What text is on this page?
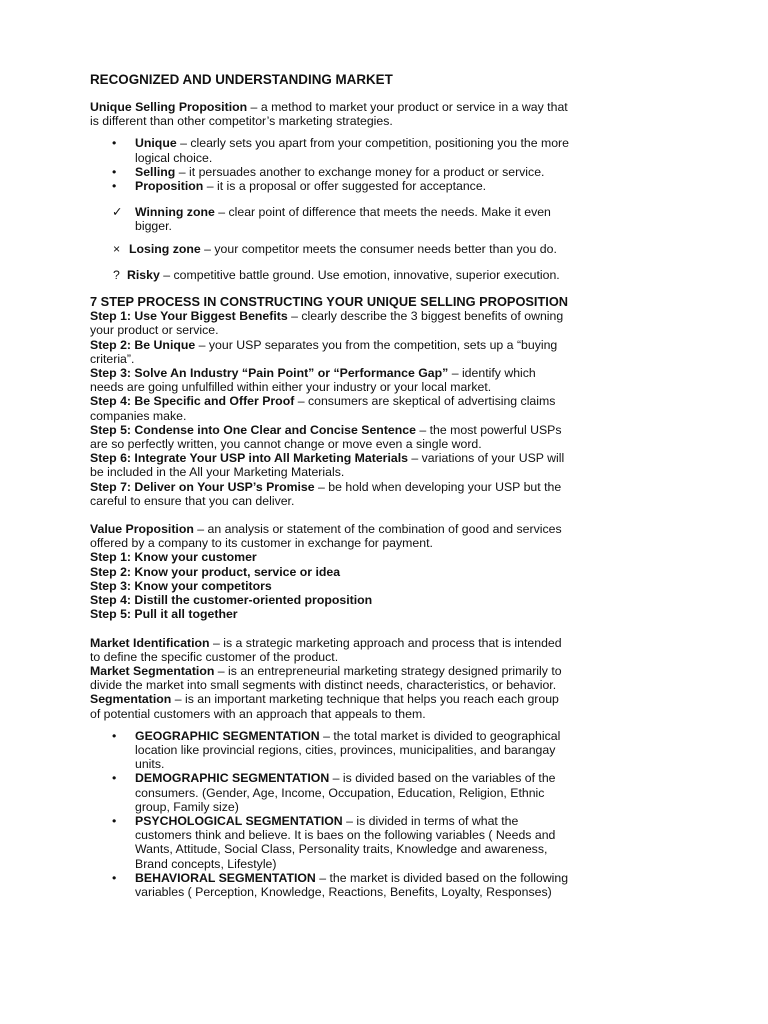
RECOGNIZED AND UNDERSTANDING MARKET

Unique Selling Proposition – a method to market your product or service in a way that
is different than other competitor’s marketing strategies.

• Unique – clearly sets you apart from your competition, positioning you the more
logical choice.
• Selling – it persuades another to exchange money for a product or service.
• Proposition – it is a proposal or offer suggested for acceptance.
✓ Winning zone – clear point of difference that meets the needs. Make it even
bigger.
× Losing zone – your competitor meets the consumer needs better than you do.
? Risky – competitive battle ground. Use emotion, innovative, superior execution.
7 STEP PROCESS IN CONSTRUCTING YOUR UNIQUE SELLING PROPOSITION

Step 1: Use Your Biggest Benefits – clearly describe the 3 biggest benefits of owning
your product or service.

Step 2: Be Unique – your USP separates you from the competition, sets up a “buying
criteria”.

Step 3: Solve An Industry “Pain Point” or “Performance Gap” – identify which
needs are going unfulfilled within either your industry or your local market.

Step 4: Be Specific and Offer Proof – consumers are skeptical of advertising claims
companies make.

Step 5: Condense into One Clear and Concise Sentence – the most powerful USPs
are so perfectly written, you cannot change or move even a single word.

Step 6: Integrate Your USP into All Marketing Materials – variations of your USP will
be included in the All your Marketing Materials.

Step 7: Deliver on Your USP’s Promise – be hold when developing your USP but the
careful to ensure that you can deliver.

Value Proposition – an analysis or statement of the combination of good and services
offered by a company to its customer in exchange for payment.

Step 1: Know your customer

Step 2: Know your product, service or idea

Step 3: Know your competitors

Step 4: Distill the customer-oriented proposition

Step 5: Pull it all together

Market Identification – is a strategic marketing approach and process that is intended
to define the specific customer of the product.

Market Segmentation – is an entrepreneurial marketing strategy designed primarily to
divide the market into small segments with distinct needs, characteristics, or behavior.

Segmentation – is an important marketing technique that helps you reach each group
of potential customers with an approach that appeals to them.

• GEOGRAPHIC SEGMENTATION – the total market is divided to geographical
location like provincial regions, cities, provinces, municipalities, and barangay
units.
• DEMOGRAPHIC SEGMENTATION – is divided based on the variables of the
consumers. (Gender, Age, Income, Occupation, Education, Religion, Ethnic
group, Family size)
• PSYCHOLOGICAL SEGMENTATION – is divided in terms of what the
customers think and believe. It is baes on the following variables ( Needs and
Wants, Attitude, Social Class, Personality traits, Knowledge and awareness,
Brand concepts, Lifestyle)
• BEHAVIORAL SEGMENTATION – the market is divided based on the following
variables ( Perception, Knowledge, Reactions, Benefits, Loyalty, Responses)
